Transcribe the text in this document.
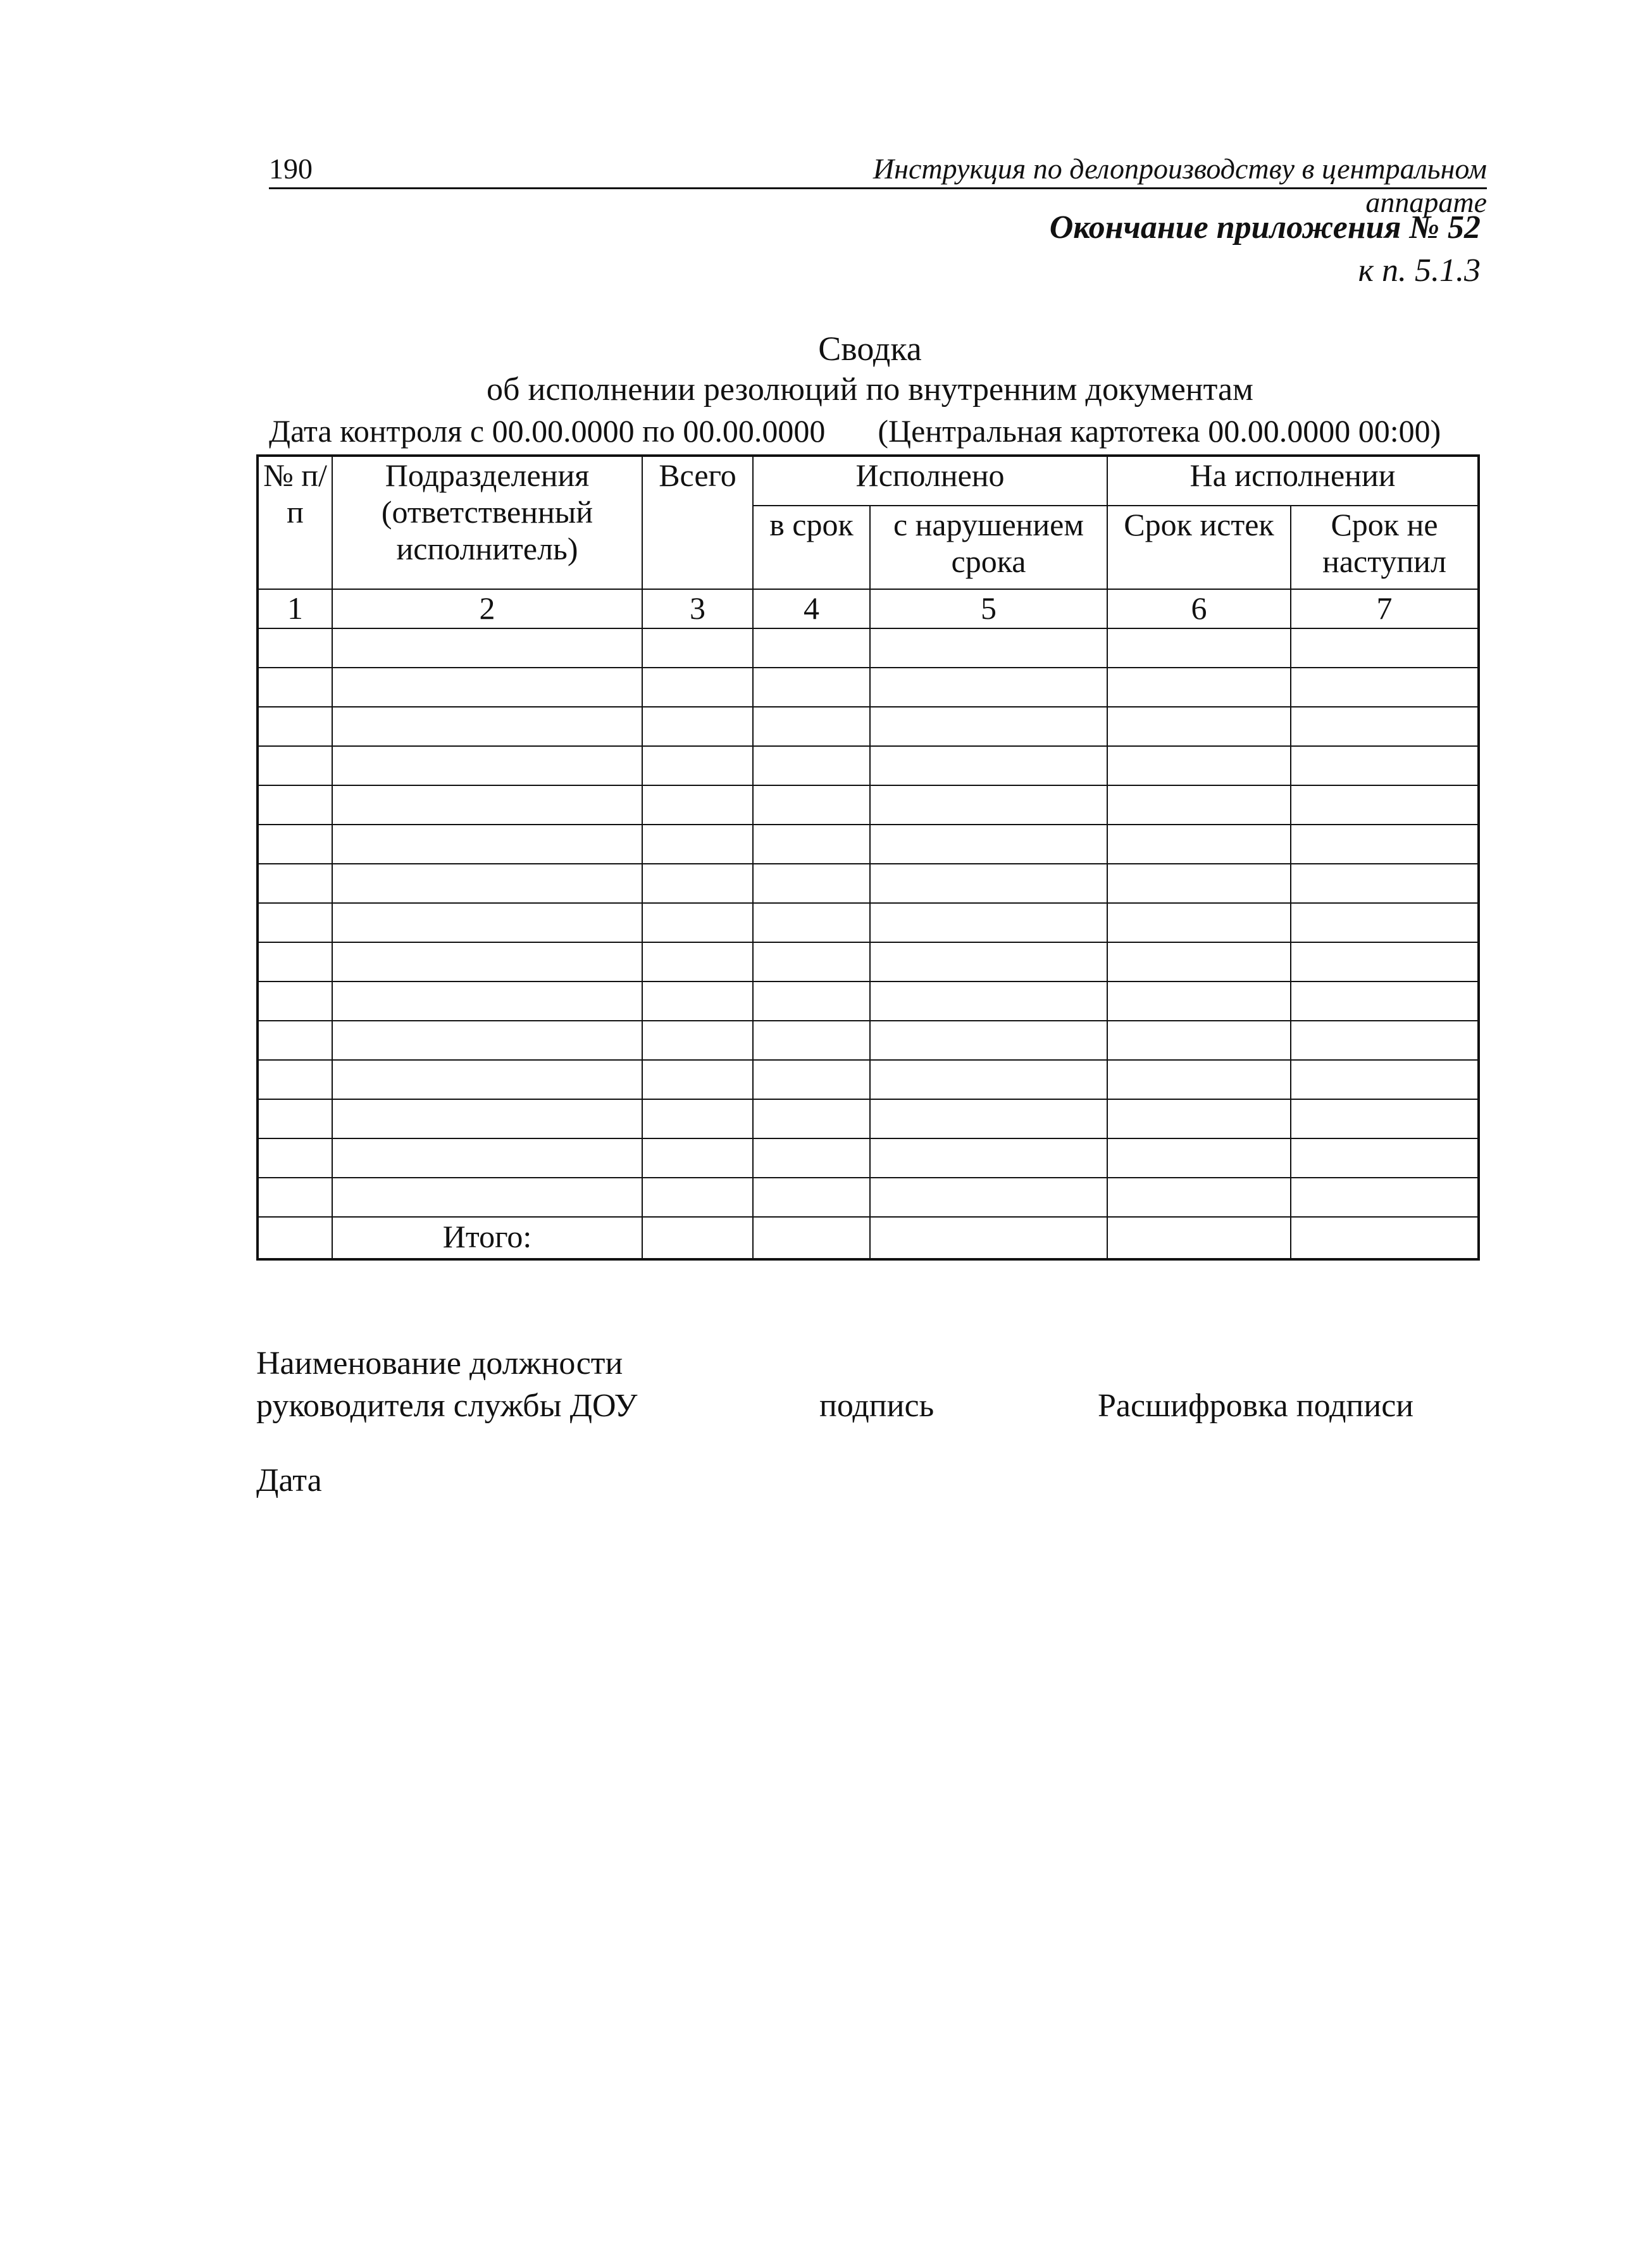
190	Инструкция по делопроизводству в центральном аппарате
Окончание приложения № 52
к п. 5.1.3
Сводка
об исполнении резолюций по внутренним документам
Дата контроля с 00.00.0000 по 00.00.0000 (Центральная картотека 00.00.0000 00:00)
№ п/п	Подразделения (ответственный исполнитель)	Всего	Исполнено		На исполнении	
			в срок	с нарушением срока	Срок истек	Срок не наступил
1	2	3	4	5	6	7

	Итого:					
Наименование должности
руководителя службы ДОУ	подпись	Расшифровка подписи
Дата
